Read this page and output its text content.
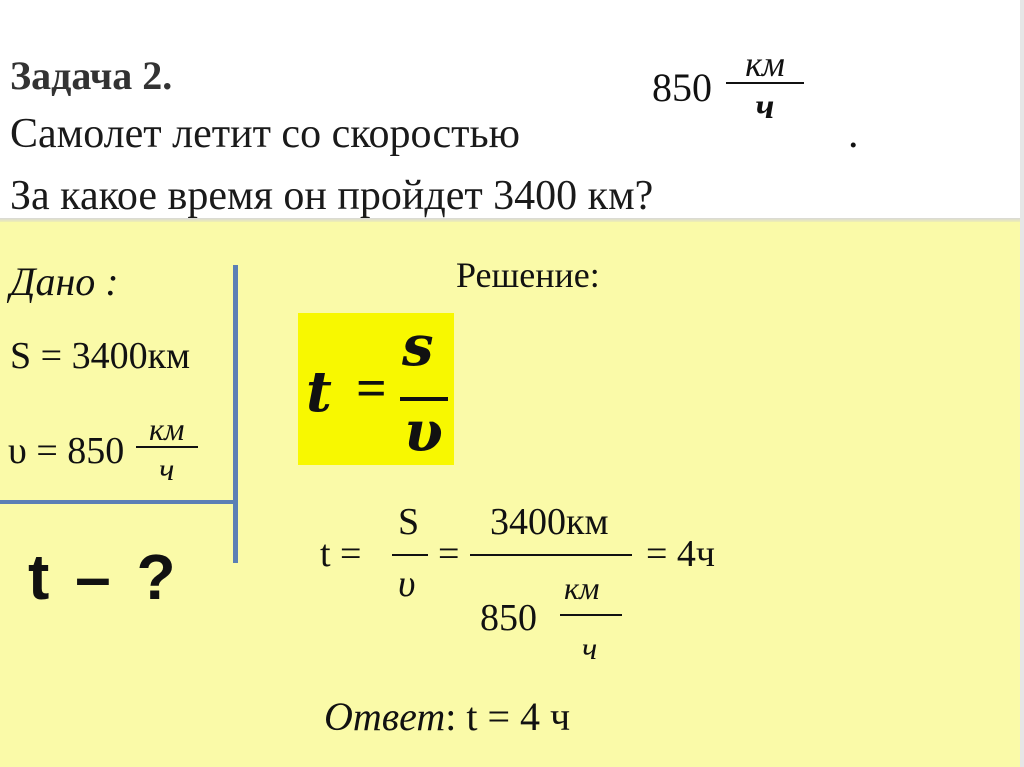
Задача 2.
Самолет летит со скоростью
$850 \frac{км}{ч}$
.
За какое время он пройдет 3400 км?
Дано :
S = 3400км
$\upsilon = 850 \frac{км}{ч}$
t – ?
Решение:
t =
s
υ
t =
S
υ
=
3400км
850
км
ч
= 4ч
Ответ: t = 4 ч
